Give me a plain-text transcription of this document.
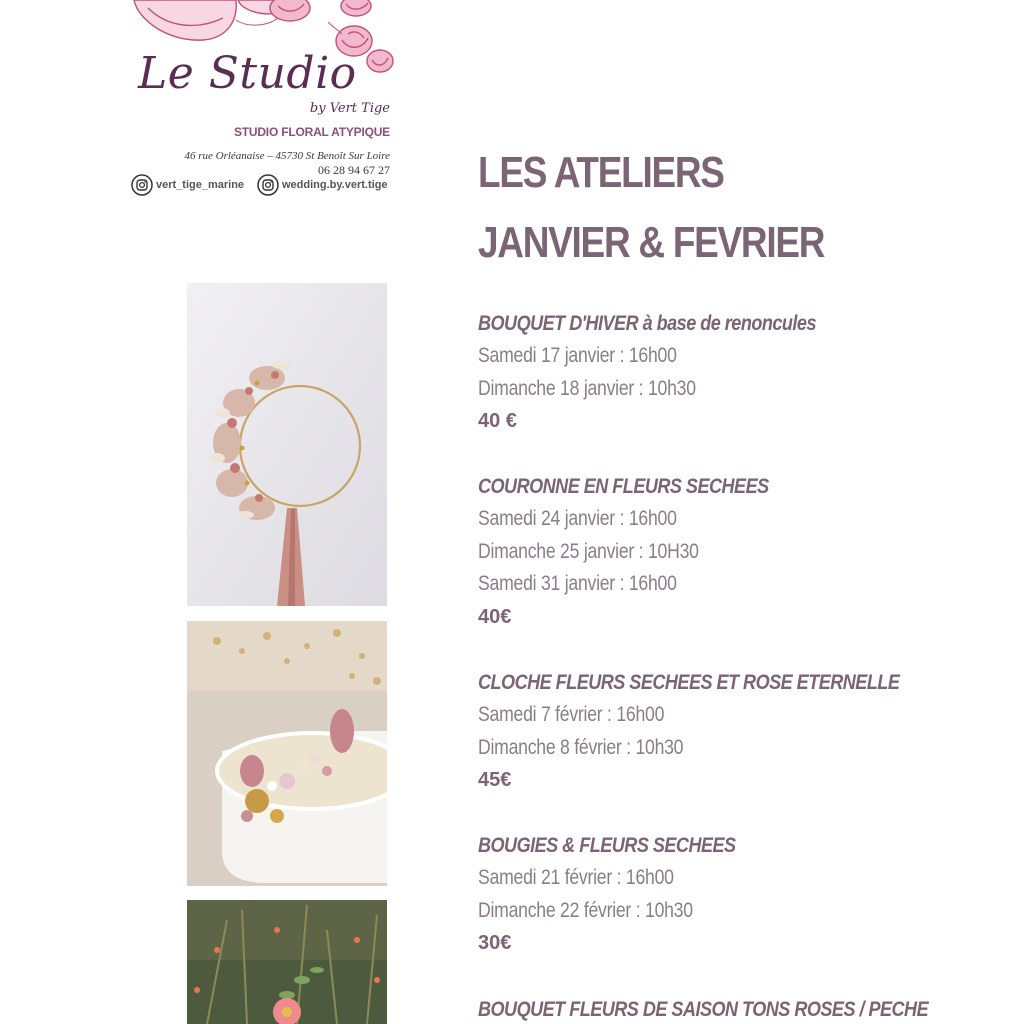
Le Studio
by Vert Tige
STUDIO FLORAL ATYPIQUE
46 rue Orléanaise – 45730 St Benoît Sur Loire
06 28 94 67 27
vert_tige_marine	wedding.by.vert.tige LES ATELIERS
JANVIER & FEVRIER
BOUQUET D'HIVER à base de renoncules
Samedi 17 janvier : 16h00
Dimanche 18 janvier : 10h30
40 €
COURONNE EN FLEURS SECHEES
Samedi 24 janvier : 16h00
Dimanche 25 janvier : 10H30
Samedi 31 janvier : 16h00
40€
CLOCHE FLEURS SECHEES ET ROSE ETERNELLE
Samedi 7 février : 16h00
Dimanche 8 février : 10h30
45€
BOUGIES & FLEURS SECHEES
Samedi 21 février : 16h00
Dimanche 22 février : 10h30
30€
BOUQUET FLEURS DE SAISON TONS ROSES / PECHE
